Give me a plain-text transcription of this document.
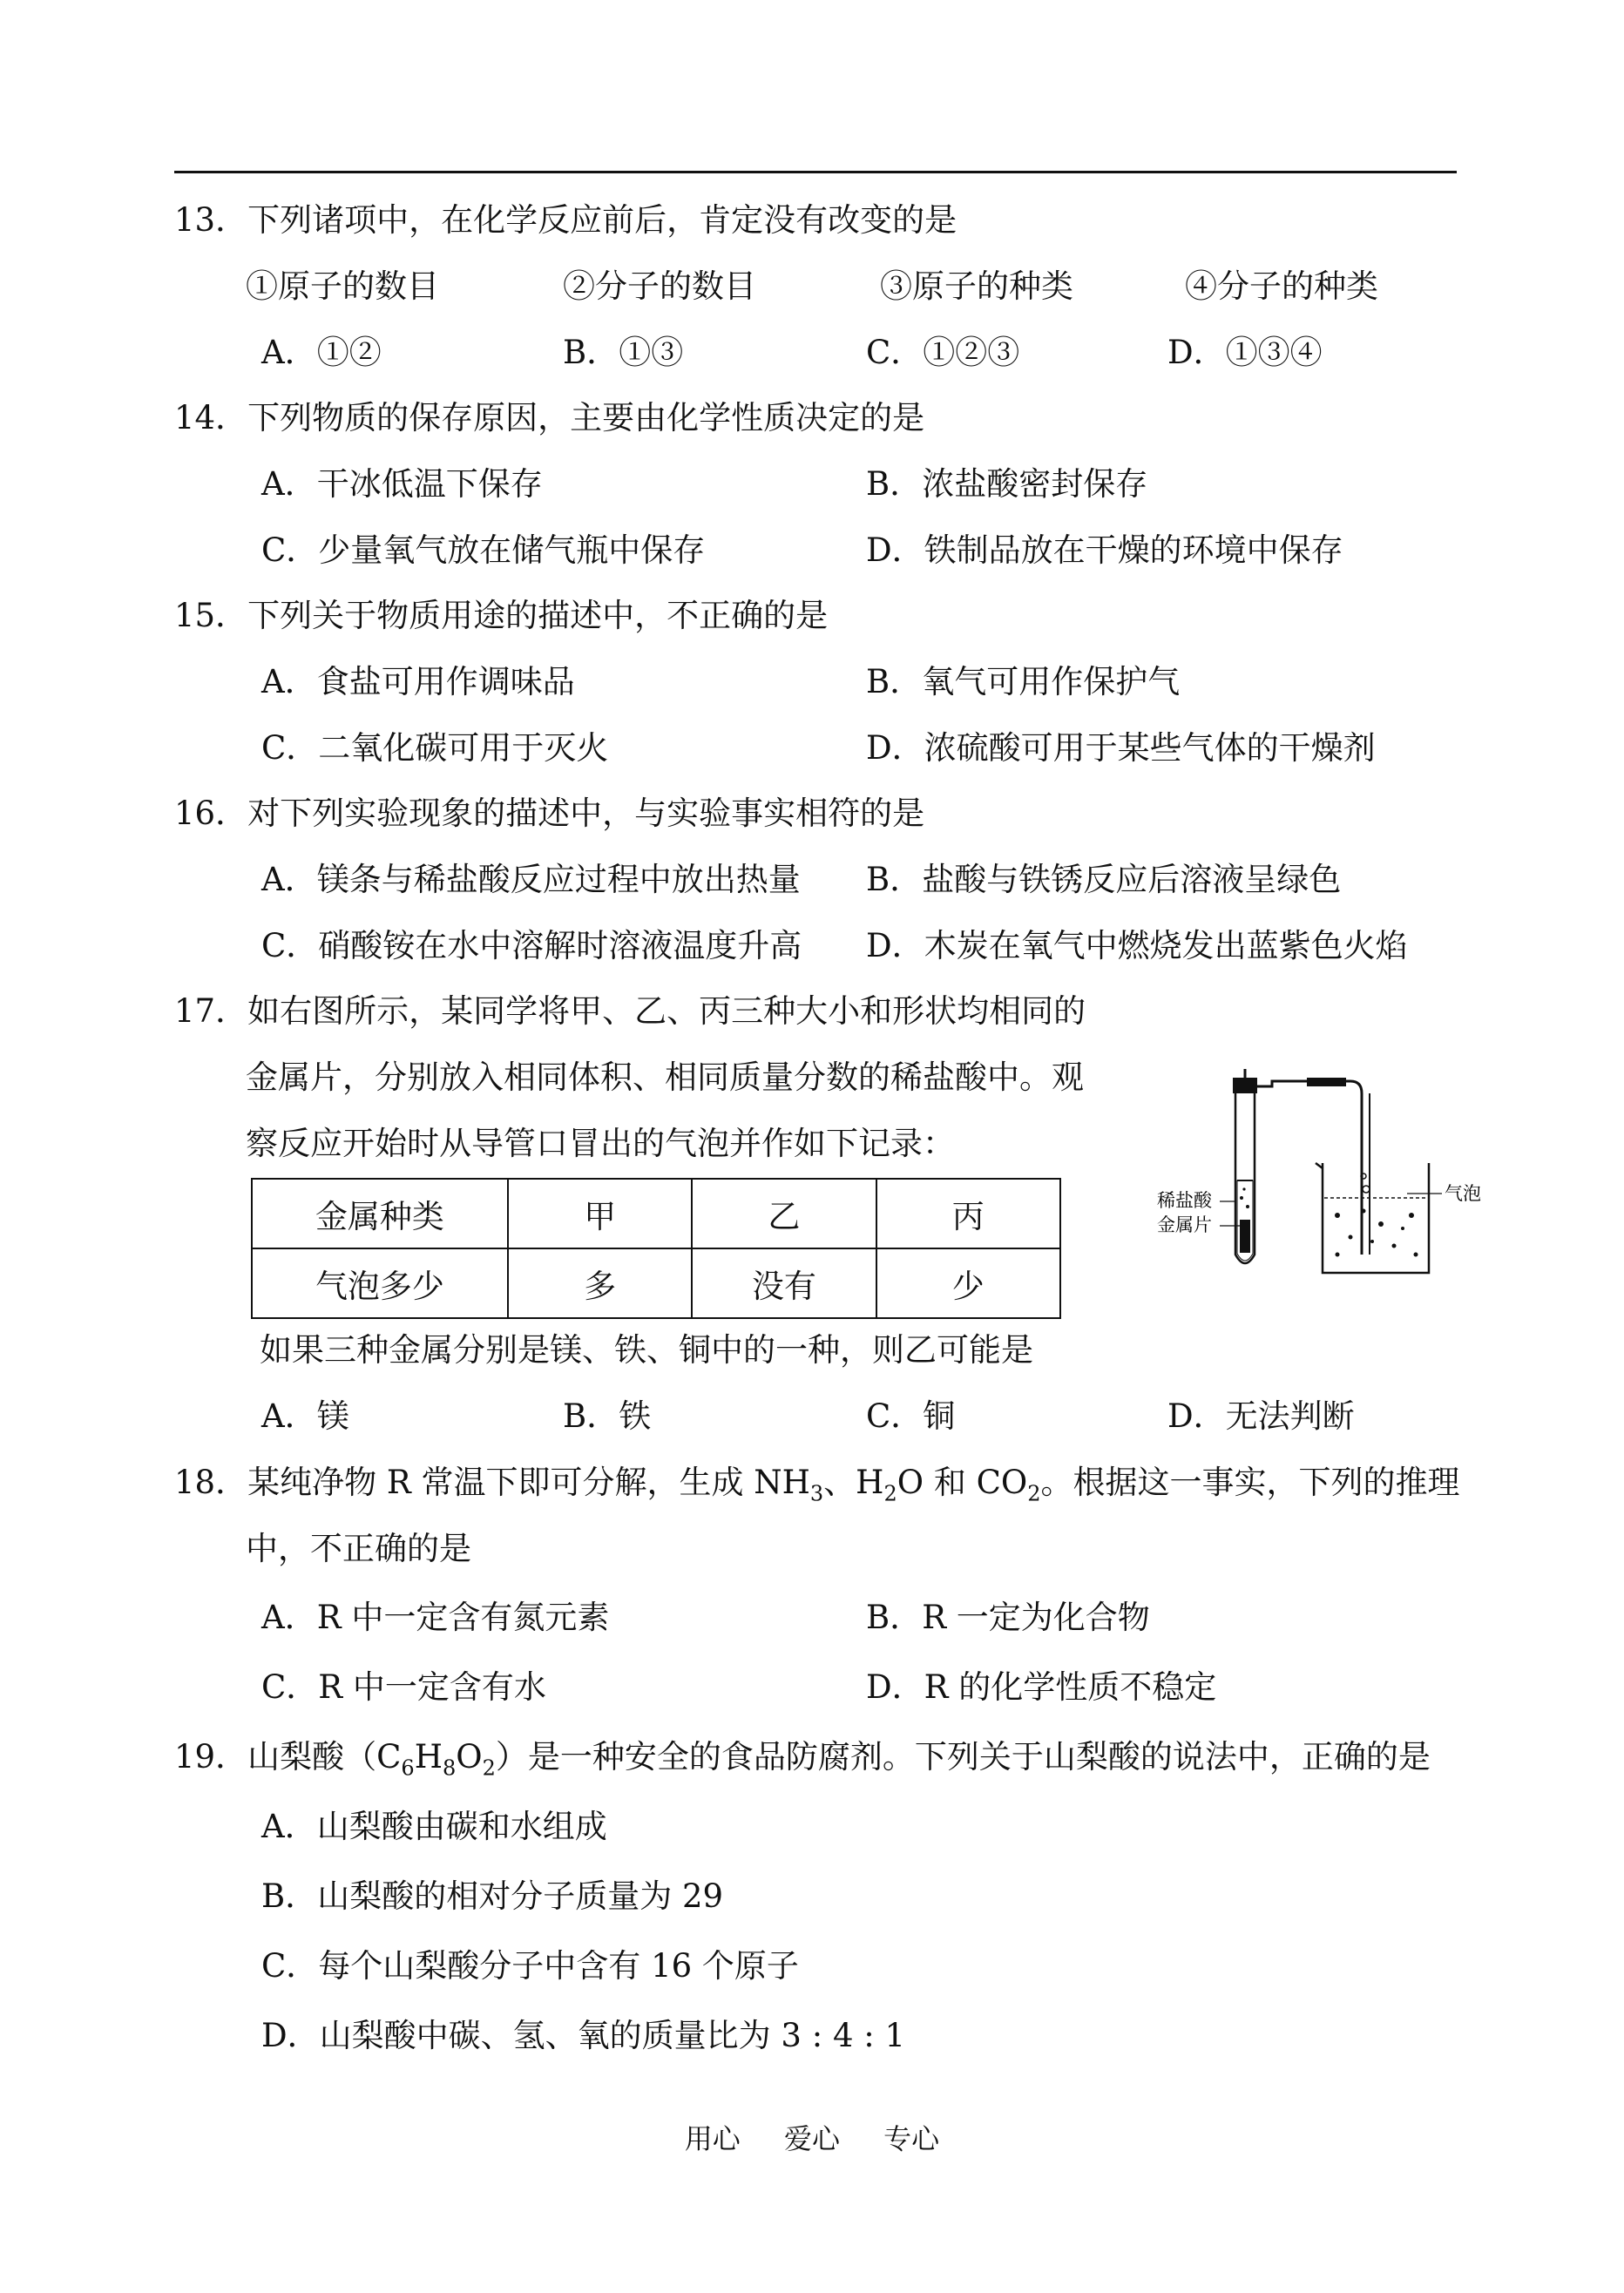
13．下列诸项中，在化学反应前后，肯定没有改变的是
①原子的数目	②分子的数目	③原子的种类	④分子的种类
A．①②	B．①③	C．①②③	D．①③④
14．下列物质的保存原因，主要由化学性质决定的是
A．干冰低温下保存	B．浓盐酸密封保存
C．少量氧气放在储气瓶中保存	D．铁制品放在干燥的环境中保存
15．下列关于物质用途的描述中，不正确的是
A．食盐可用作调味品	B．氧气可用作保护气
C．二氧化碳可用于灭火	D．浓硫酸可用于某些气体的干燥剂
16．对下列实验现象的描述中，与实验事实相符的是
A．镁条与稀盐酸反应过程中放出热量 B．盐酸与铁锈反应后溶液呈绿色
C．硝酸铵在水中溶解时溶液温度升高 D．木炭在氧气中燃烧发出蓝紫色火焰
17．如右图所示，某同学将甲、乙、丙三种大小和形状均相同的
金属片，分别放入相同体积、相同质量分数的稀盐酸中。观
察反应开始时从导管口冒出的气泡并作如下记录：
金属种类	甲	乙	丙
气泡多少	多	没有	少
稀盐酸
金属片
气泡
如果三种金属分别是镁、铁、铜中的一种，则乙可能是
A．镁	B．铁	C．铜	D．无法判断
18．某纯净物 R 常温下即可分解，生成 $NH_3$、$H_2O$ 和 $CO_2$。根据这一事实，下列的推理
中，不正确的是
A．R 中一定含有氮元素	B．R 一定为化合物
C．R 中一定含有水	D．R 的化学性质不稳定
19．山梨酸$(C_6H_8O_2)$是一种安全的食品防腐剂。下列关于山梨酸的说法中，正确的是
A．山梨酸由碳和水组成
B．山梨酸的相对分子质量为 29
C．每个山梨酸分子中含有 16 个原子
D．山梨酸中碳、氢、氧的质量比为 3 : 4 : 1
用心 爱心 专心
